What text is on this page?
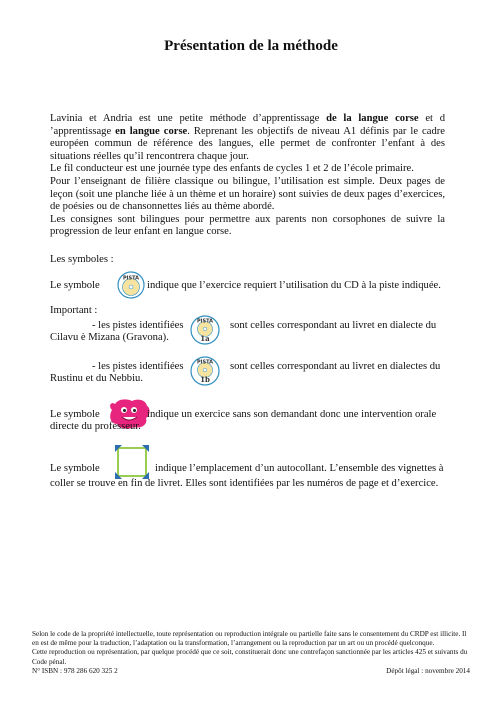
Présentation de la méthode

Lavinia et Andria est une petite méthode d’apprentissage de la langue corse et d ’apprentissage en langue corse. Reprenant les objectifs de niveau A1 définis par le cadre européen commun de référence des langues, elle permet de confronter l’enfant à des situations réelles qu’il rencontrera chaque jour.

Le fil conducteur est une journée type des enfants de cycles 1 et 2 de l’école primaire.

Pour l’enseignant de filière classique ou bilingue, l’utilisation est simple. Deux pages de leçon (soit une planche liée à un thème et un horaire) sont suivies de deux pages d’exercices, de poésies ou de chansonnettes liés au thème abordé.

Les consignes sont bilingues pour permettre aux parents non corsophones de suivre la progression de leur enfant en langue corse.

Les symboles :
Le symbole
PISTA
indique que l’exercice requiert l’utilisation du CD à la piste indiquée.
Important :
- les pistes identifiées	PISTA
1a
sont celles correspondant au livret en dialecte du
Cilavu è Mizana (Gravona).
- les pistes identifiées	PISTA
1b
sont celles correspondant au livret en dialectes du
Rustinu et du Nebbiu.
Le symbole	indique un exercice sans son demandant donc une intervention orale
directe du professeur.
Le symbole	indique l’emplacement d’un autocollant. L’ensemble des vignettes à
coller se trouve en fin de livret. Elles sont identifiées par les numéros de page et d’exercice.

Selon le code de la propriété intellectuelle, toute représentation ou reproduction intégrale ou partielle faite sans le consentement du CRDP est illicite. Il en est de même pour la traduction, l’adaptation ou la transformation, l’arrangement ou la reproduction par un art ou un procédé quelconque.

Cette reproduction ou représentation, par quelque procédé que ce soit, constituerait donc une contrefaçon sanctionnée par les articles 425 et suivants du Code pénal.

N° ISBN : 978 286 620 325 2	Dépôt légal : novembre 2014
